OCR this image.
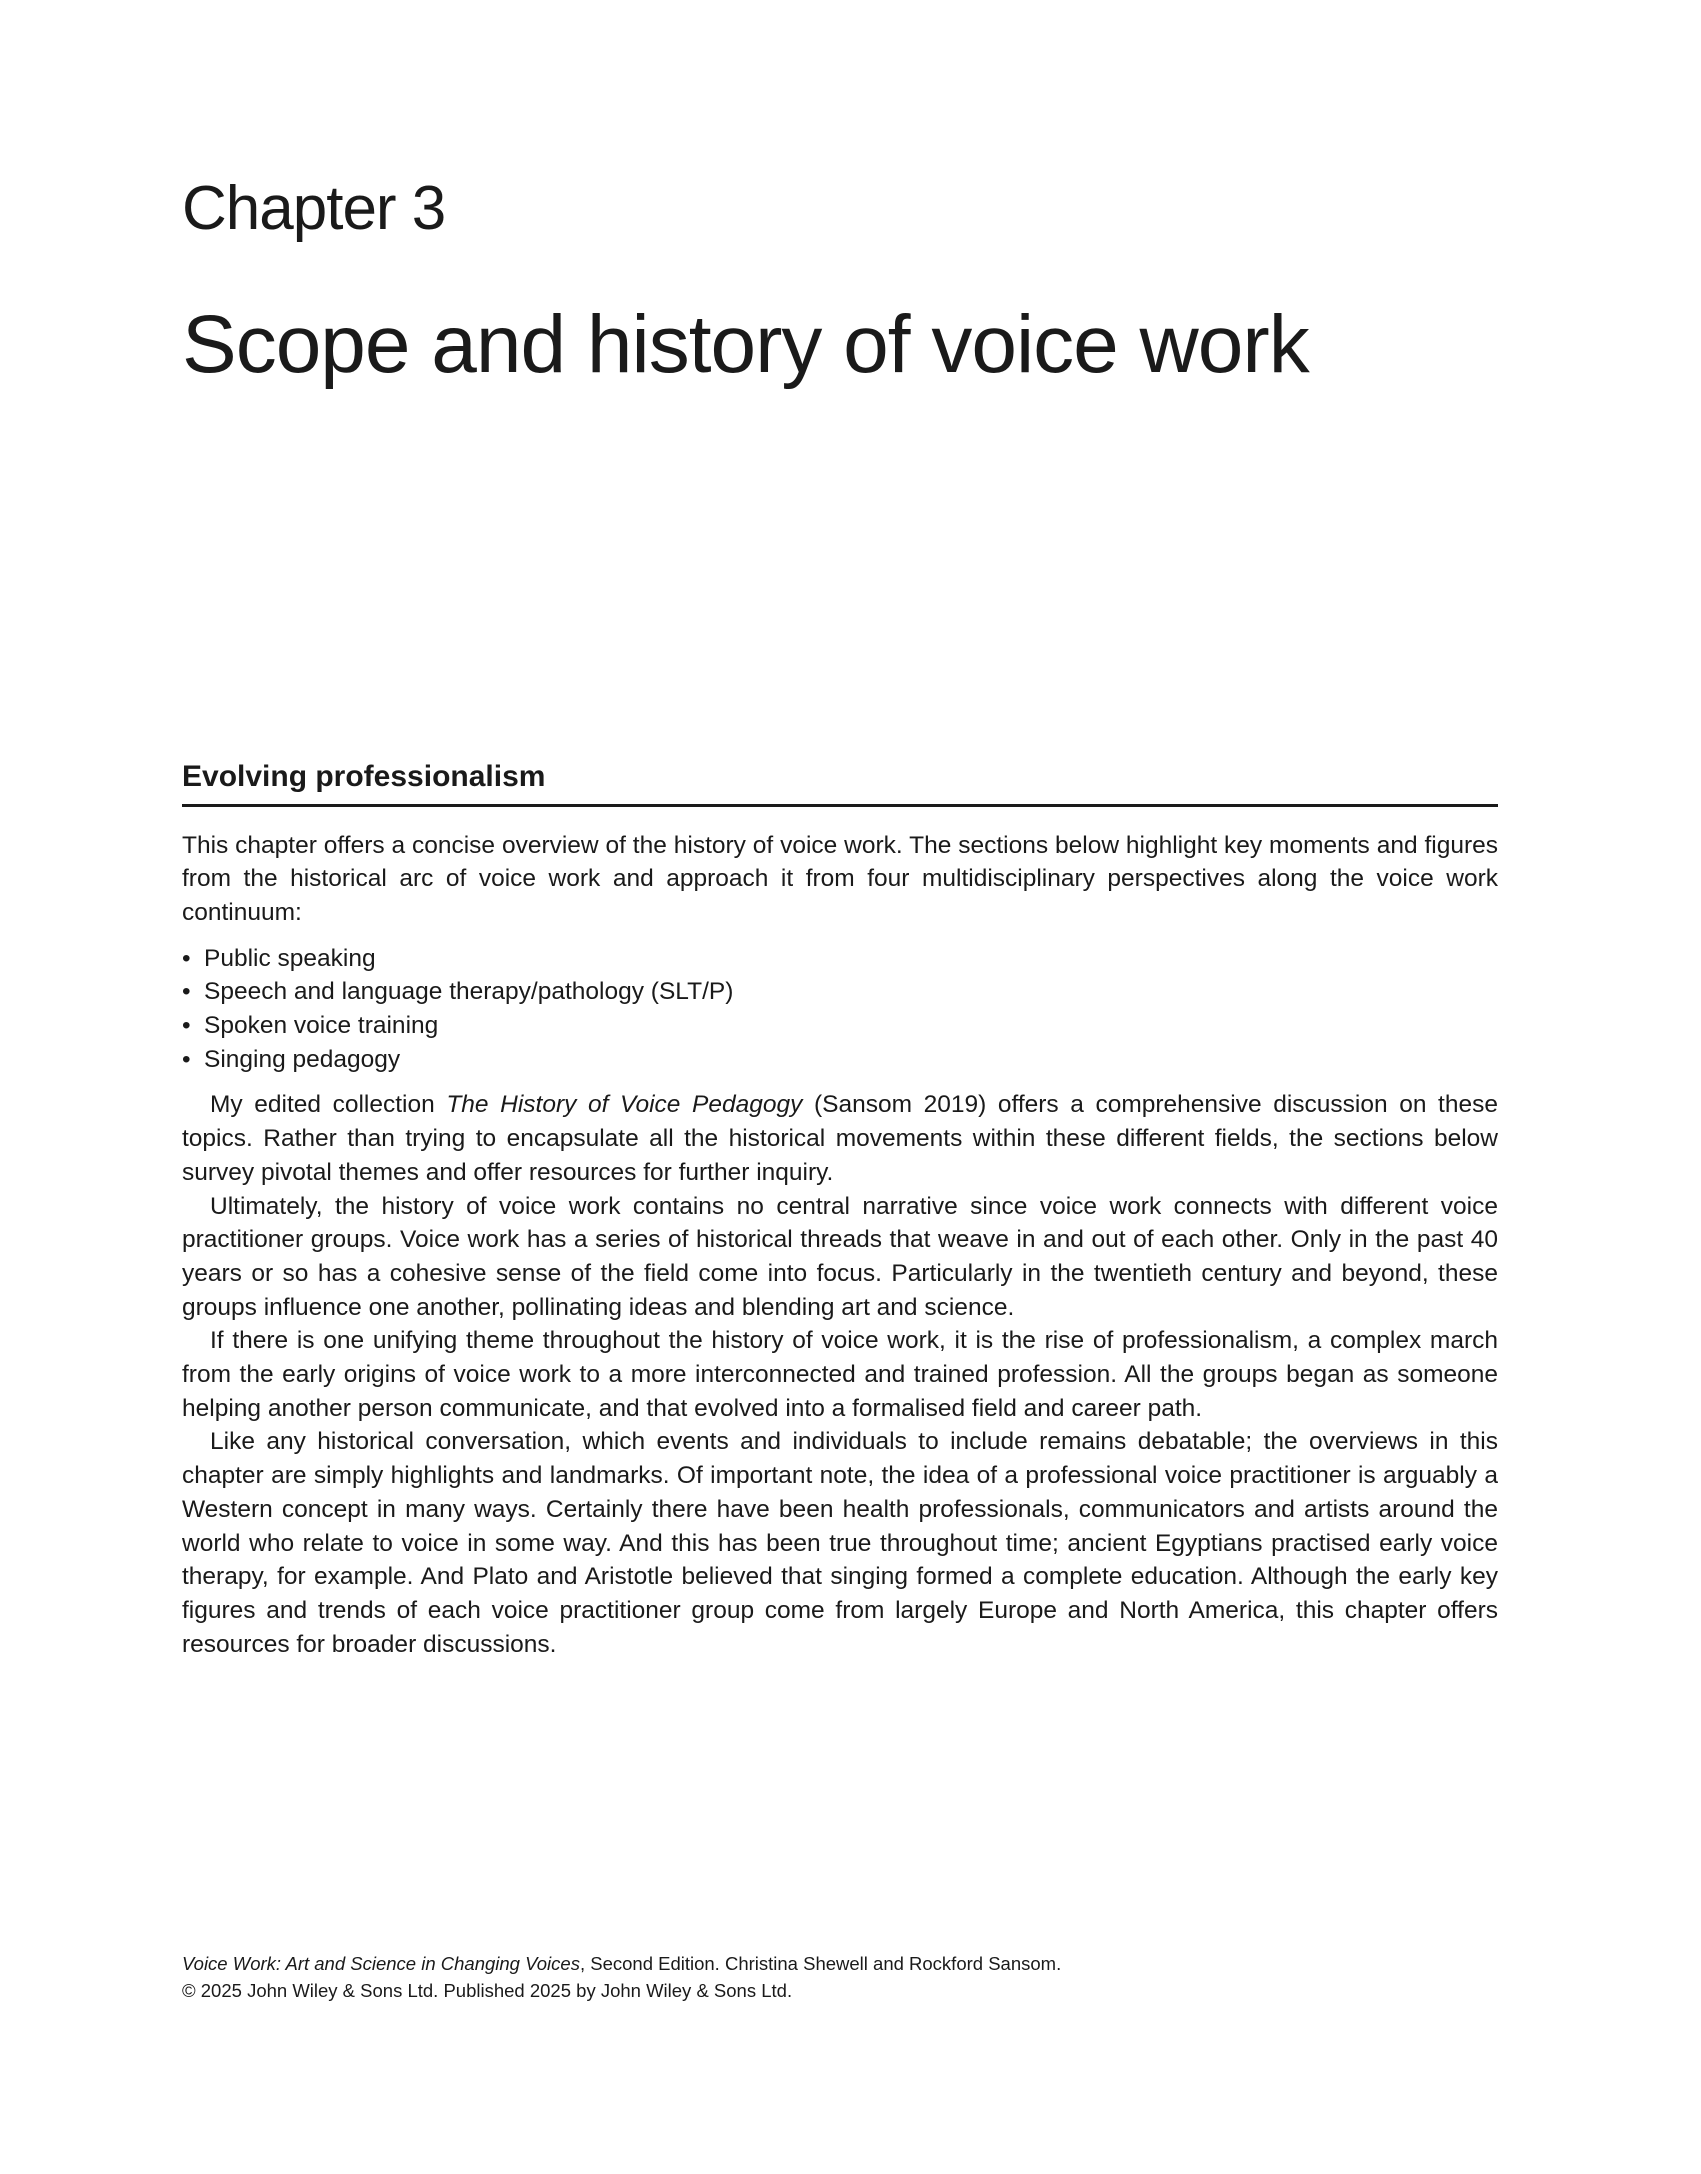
Chapter 3
Scope and history of voice work
Evolving professionalism

This chapter offers a concise overview of the history of voice work. The sections below highlight key moments and figures from the historical arc of voice work and approach it from four multidisciplinary perspectives along the voice work continuum:

• Public speaking
• Speech and language therapy/pathology (SLT/P)
• Spoken voice training
• Singing pedagogy

My edited collection The History of Voice Pedagogy (Sansom 2019) offers a comprehensive discussion on these topics. Rather than trying to encapsulate all the historical movements within these different fields, the sections below survey pivotal themes and offer resources for further inquiry.

Ultimately, the history of voice work contains no central narrative since voice work connects with different voice practitioner groups. Voice work has a series of historical threads that weave in and out of each other. Only in the past 40 years or so has a cohesive sense of the field come into focus. Particularly in the twentieth century and beyond, these groups influence one another, pollinating ideas and blending art and science.

If there is one unifying theme throughout the history of voice work, it is the rise of professionalism, a complex march from the early origins of voice work to a more interconnected and trained profession. All the groups began as someone helping another person communicate, and that evolved into a formalised field and career path.

Like any historical conversation, which events and individuals to include remains debatable; the overviews in this chapter are simply highlights and landmarks. Of important note, the idea of a professional voice practitioner is arguably a Western concept in many ways. Certainly there have been health professionals, communicators and artists around the world who relate to voice in some way. And this has been true throughout time; ancient Egyptians practised early voice therapy, for example. And Plato and Aristotle believed that singing formed a complete education. Although the early key figures and trends of each voice practitioner group come from largely Europe and North America, this chapter offers resources for broader discussions.

Voice Work: Art and Science in Changing Voices, Second Edition. Christina Shewell and Rockford Sansom.

© 2025 John Wiley & Sons Ltd. Published 2025 by John Wiley & Sons Ltd.
